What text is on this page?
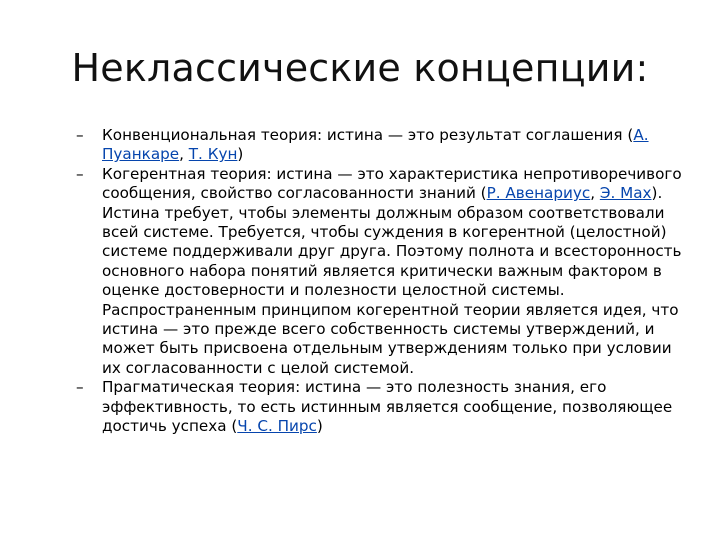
Неклассические концепции:
– Конвенциональная теория: истина — это результат соглашения (А. Пуанкаре, Т. Кун)
– Когерентная теория: истина — это характеристика непротиворечивого сообщения, свойство согласованности знаний (Р. Авенариус, Э. Мах). Истина требует, чтобы элементы должным образом соответствовали всей системе. Требуется, чтобы суждения в когерентной (целостной) системе поддерживали друг друга. Поэтому полнота и всесторонность основного набора понятий является критически важным фактором в оценке достоверности и полезности целостной системы. Распространенным принципом когерентной теории является идея, что истина — это прежде всего собственность системы утверждений, и может быть присвоена отдельным утверждениям только при условии их согласованности с целой системой.
– Прагматическая теория: истина — это полезность знания, его эффективность, то есть истинным является сообщение, позволяющее достичь успеха (Ч. С. Пирс)
